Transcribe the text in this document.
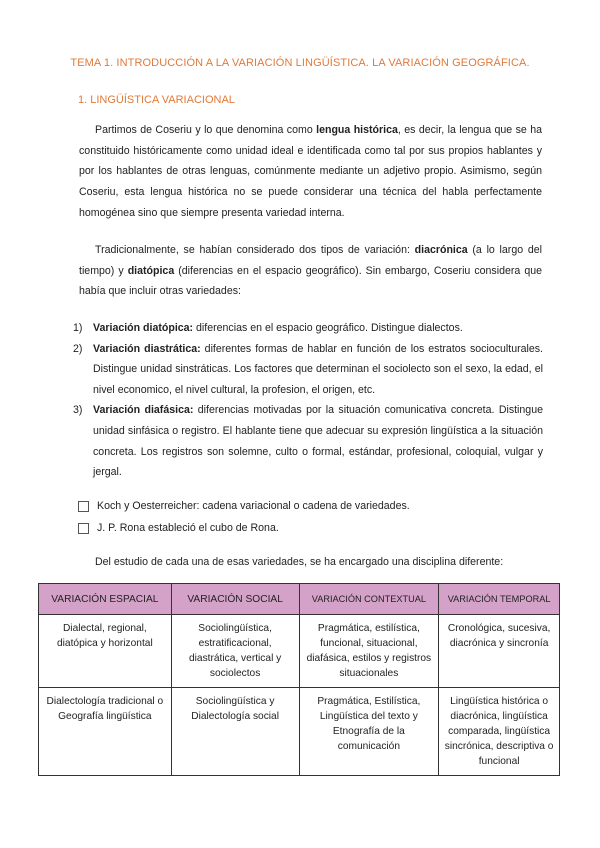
TEMA 1. INTRODUCCIÓN A LA VARIACIÓN LINGÜÍSTICA. LA VARIACIÓN GEOGRÁFICA.
1. LINGÜÍSTICA VARIACIONAL

Partimos de Coseriu y lo que denomina como lengua histórica, es decir, la lengua que se ha constituido históricamente como unidad ideal e identificada como tal por sus propios hablantes y por los hablantes de otras lenguas, comúnmente mediante un adjetivo propio. Asimismo, según Coseriu, esta lengua histórica no se puede considerar una técnica del habla perfectamente homogénea sino que siempre presenta variedad interna.

Tradicionalmente, se habían considerado dos tipos de variación: diacrónica (a lo largo del tiempo) y diatópica (diferencias en el espacio geográfico). Sin embargo, Coseriu considera que había que incluir otras variedades:

1) Variación diatópica: diferencias en el espacio geográfico. Distingue dialectos.
2) Variación diastrática: diferentes formas de hablar en función de los estratos socioculturales. Distingue unidad sinstráticas. Los factores que determinan el sociolecto son el sexo, la edad, el nivel economico, el nivel cultural, la profesion, el origen, etc.
3) Variación diafásica: diferencias motivadas por la situación comunicativa concreta. Distingue unidad sinfásica o registro. El hablante tiene que adecuar su expresión lingüística a la situación concreta. Los registros son solemne, culto o formal, estándar, profesional, coloquial, vulgar y jergal.
Koch y Oesterreicher: cadena variacional o cadena de variedades.
J. P. Rona estableció el cubo de Rona.
Del estudio de cada una de esas variedades, se ha encargado una disciplina diferente:
VARIACIÓN ESPACIAL	VARIACIÓN SOCIAL	VARIACIÓN CONTEXTUAL	VARIACIÓN TEMPORAL
Dialectal, regional, diatópica y horizontal	Sociolingüística, estratificacional, diastrática, vertical y sociolectos	Pragmática, estilística, funcional, situacional, diafásica, estilos y registros situacionales	Cronológica, sucesiva, diacrónica y sincronía
Dialectología tradicional o Geografía lingüística	Sociolingüística y Dialectología social	Pragmática, Estilística, Lingüística del texto y Etnografía de la comunicación	Lingüística histórica o diacrónica, lingüística comparada, lingüística sincrónica, descriptiva o funcional
